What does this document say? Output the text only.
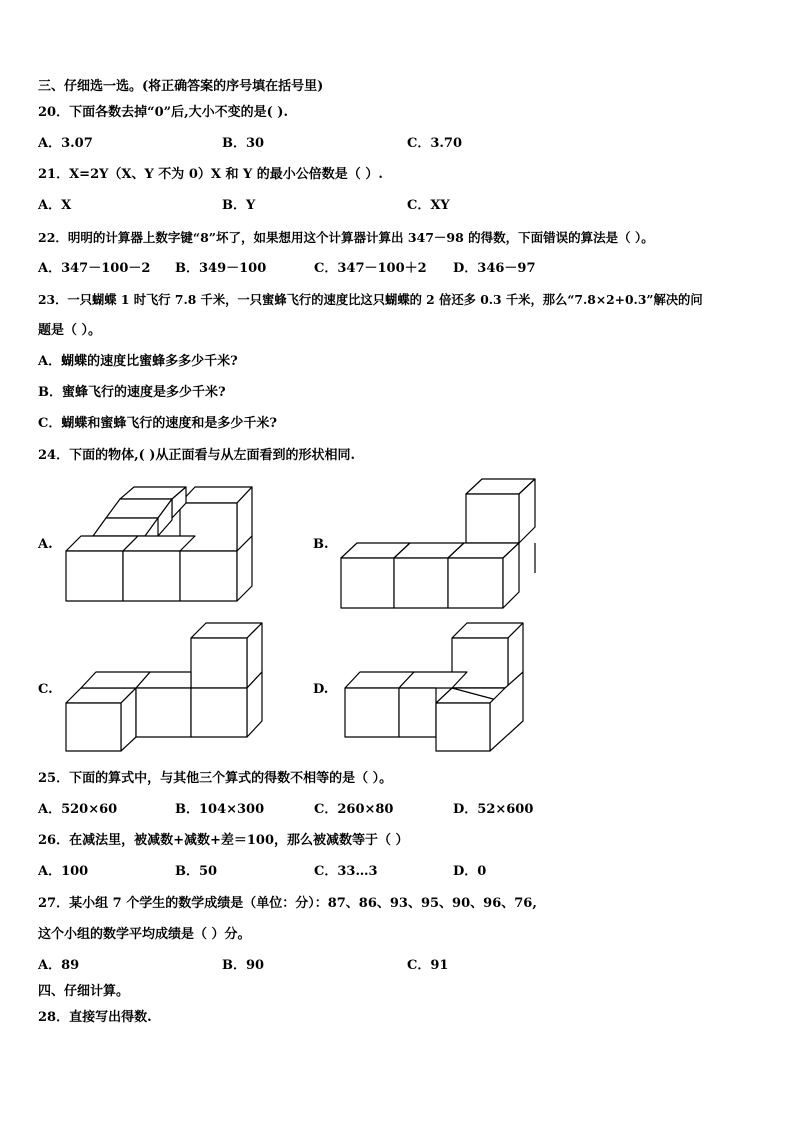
三、仔细选一选。(将正确答案的序号填在括号里)
20．下面各数去掉“0”后,大小不变的是( ).
A．3.07	B．30	C．3.70
21．X=2Y（X、Y 不为 0）X 和 Y 的最小公倍数是（ ）.
A．X	B．Y	C．XY
22．明明的计算器上数字键“8”坏了，如果想用这个计算器计算出 347－98 的得数，下面错误的算法是（ ）。
A．347－100－2 B．349－100	C．347－100＋2 D．346－97
23．一只蝴蝶 1 时飞行 7.8 千米，一只蜜蜂飞行的速度比这只蝴蝶的 2 倍还多 0.3 千米，那么“7.8×2+0.3”解决的问
题是（ ）。
A．蝴蝶的速度比蜜蜂多多少千米?
B．蜜蜂飞行的速度是多少千米?
C．蝴蝶和蜜蜂飞行的速度和是多少千米?
24．下面的物体,( )从正面看与从左面看到的形状相同.
A.	B.
C.	D.
25．下面的算式中，与其他三个算式的得数不相等的是（ ）。
A．520×60	B．104×300	C．260×80	D．52×600
26．在减法里，被减数+减数+差＝100，那么被减数等于（ ）
A．100	B．50	C．33…3	D．0
27．某小组 7 个学生的数学成绩是（单位：分）：87、86、93、95、90、96、76,
这个小组的数学平均成绩是（ ）分。
A．89	B．90	C．91
四、仔细计算。
28．直接写出得数.
